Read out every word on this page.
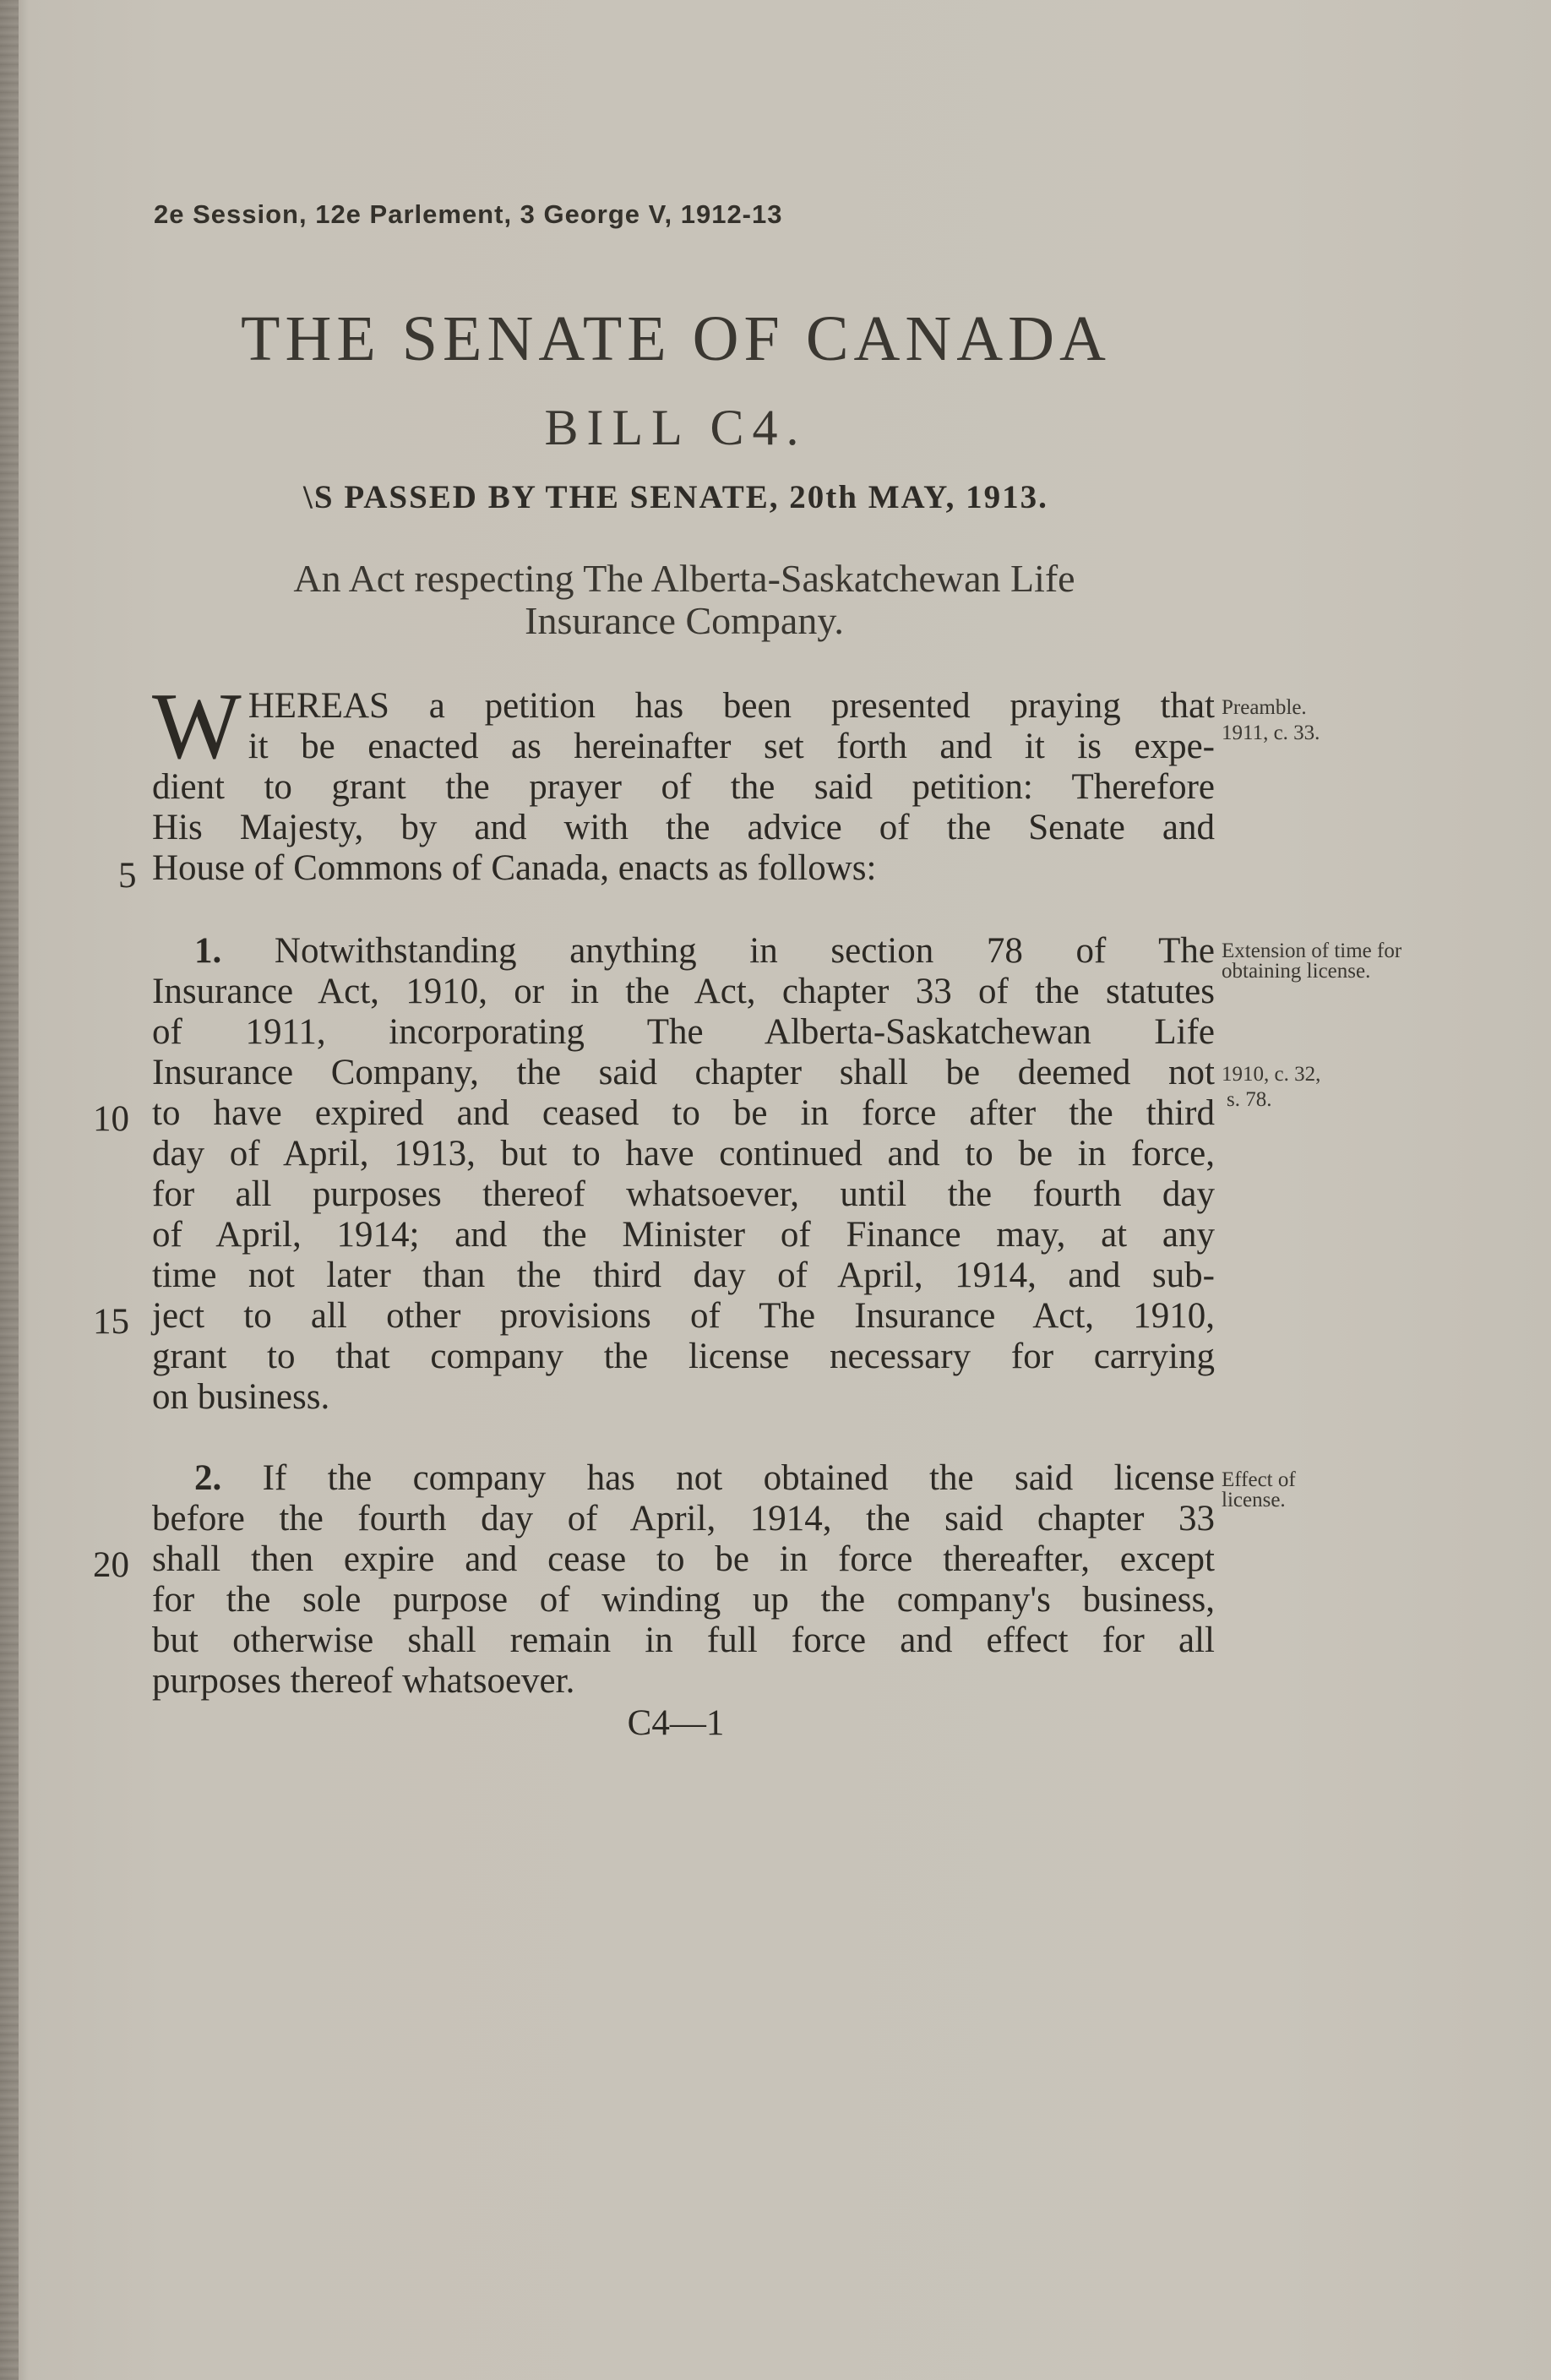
2e Session, 12e Parlement, 3 George V, 1912-13
THE SENATE OF CANADA
BILL C4.
\S PASSED BY THE SENATE, 20th MAY, 1913.
An Act respecting The Alberta-Saskatchewan Life
Insurance Company.
W HEREAS a petition has been presented praying that
it be enacted as hereinafter set forth and it is expe-
dient to grant the prayer of the said petition: Therefore
His Majesty, by and with the advice of the Senate and
House of Commons of Canada, enacts as follows:
Preamble.
1911, c. 33.
1. Notwithstanding anything in section 78 of The
Insurance Act, 1910, or in the Act, chapter 33 of the statutes
of 1911, incorporating The Alberta-Saskatchewan Life
Insurance Company, the said chapter shall be deemed not
to have expired and ceased to be in force after the third
day of April, 1913, but to have continued and to be in force,
for all purposes thereof whatsoever, until the fourth day
of April, 1914; and the Minister of Finance may, at any
time not later than the third day of April, 1914, and sub-
ject to all other provisions of The Insurance Act, 1910,
grant to that company the license necessary for carrying
on business.
Extension of time for obtaining license.
1910, c. 32,
s. 78.
2. If the company has not obtained the said license
before the fourth day of April, 1914, the said chapter 33
shall then expire and cease to be in force thereafter, except
for the sole purpose of winding up the company's business,
but otherwise shall remain in full force and effect for all
purposes thereof whatsoever.
Effect of license.
5
10
15
20
C4—1
